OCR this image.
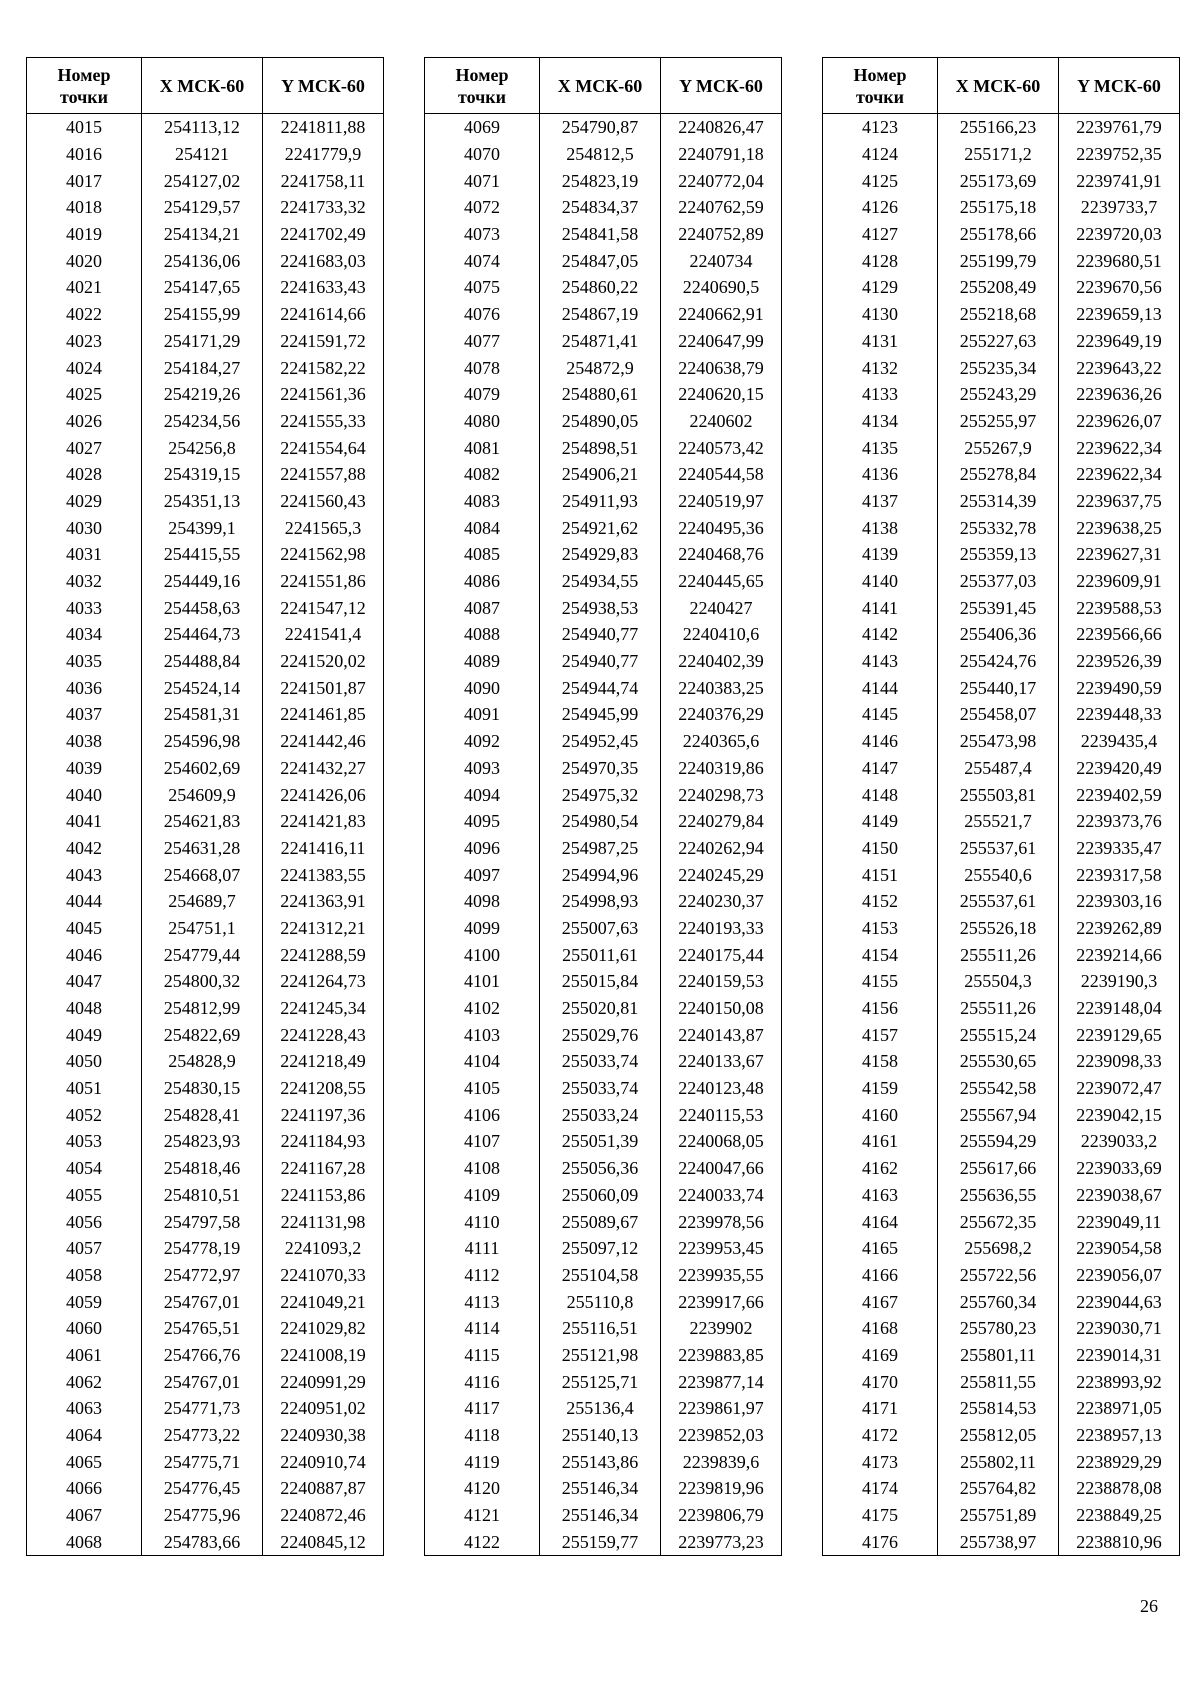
Номер
точки	X МСК-60	Y МСК-60
4015	254113,12	2241811,88
4016	254121	2241779,9
4017	254127,02	2241758,11
4018	254129,57	2241733,32
4019	254134,21	2241702,49
4020	254136,06	2241683,03
4021	254147,65	2241633,43
4022	254155,99	2241614,66
4023	254171,29	2241591,72
4024	254184,27	2241582,22
4025	254219,26	2241561,36
4026	254234,56	2241555,33
4027	254256,8	2241554,64
4028	254319,15	2241557,88
4029	254351,13	2241560,43
4030	254399,1	2241565,3
4031	254415,55	2241562,98
4032	254449,16	2241551,86
4033	254458,63	2241547,12
4034	254464,73	2241541,4
4035	254488,84	2241520,02
4036	254524,14	2241501,87
4037	254581,31	2241461,85
4038	254596,98	2241442,46
4039	254602,69	2241432,27
4040	254609,9	2241426,06
4041	254621,83	2241421,83
4042	254631,28	2241416,11
4043	254668,07	2241383,55
4044	254689,7	2241363,91
4045	254751,1	2241312,21
4046	254779,44	2241288,59
4047	254800,32	2241264,73
4048	254812,99	2241245,34
4049	254822,69	2241228,43
4050	254828,9	2241218,49
4051	254830,15	2241208,55
4052	254828,41	2241197,36
4053	254823,93	2241184,93
4054	254818,46	2241167,28
4055	254810,51	2241153,86
4056	254797,58	2241131,98
4057	254778,19	2241093,2
4058	254772,97	2241070,33
4059	254767,01	2241049,21
4060	254765,51	2241029,82
4061	254766,76	2241008,19
4062	254767,01	2240991,29
4063	254771,73	2240951,02
4064	254773,22	2240930,38
4065	254775,71	2240910,74
4066	254776,45	2240887,87
4067	254775,96	2240872,46
4068	254783,66	2240845,12
Номер
точки	X МСК-60	Y МСК-60
4069	254790,87	2240826,47
4070	254812,5	2240791,18
4071	254823,19	2240772,04
4072	254834,37	2240762,59
4073	254841,58	2240752,89
4074	254847,05	2240734
4075	254860,22	2240690,5
4076	254867,19	2240662,91
4077	254871,41	2240647,99
4078	254872,9	2240638,79
4079	254880,61	2240620,15
4080	254890,05	2240602
4081	254898,51	2240573,42
4082	254906,21	2240544,58
4083	254911,93	2240519,97
4084	254921,62	2240495,36
4085	254929,83	2240468,76
4086	254934,55	2240445,65
4087	254938,53	2240427
4088	254940,77	2240410,6
4089	254940,77	2240402,39
4090	254944,74	2240383,25
4091	254945,99	2240376,29
4092	254952,45	2240365,6
4093	254970,35	2240319,86
4094	254975,32	2240298,73
4095	254980,54	2240279,84
4096	254987,25	2240262,94
4097	254994,96	2240245,29
4098	254998,93	2240230,37
4099	255007,63	2240193,33
4100	255011,61	2240175,44
4101	255015,84	2240159,53
4102	255020,81	2240150,08
4103	255029,76	2240143,87
4104	255033,74	2240133,67
4105	255033,74	2240123,48
4106	255033,24	2240115,53
4107	255051,39	2240068,05
4108	255056,36	2240047,66
4109	255060,09	2240033,74
4110	255089,67	2239978,56
4111	255097,12	2239953,45
4112	255104,58	2239935,55
4113	255110,8	2239917,66
4114	255116,51	2239902
4115	255121,98	2239883,85
4116	255125,71	2239877,14
4117	255136,4	2239861,97
4118	255140,13	2239852,03
4119	255143,86	2239839,6
4120	255146,34	2239819,96
4121	255146,34	2239806,79
4122	255159,77	2239773,23
Номер
точки	X МСК-60	Y МСК-60
4123	255166,23	2239761,79
4124	255171,2	2239752,35
4125	255173,69	2239741,91
4126	255175,18	2239733,7
4127	255178,66	2239720,03
4128	255199,79	2239680,51
4129	255208,49	2239670,56
4130	255218,68	2239659,13
4131	255227,63	2239649,19
4132	255235,34	2239643,22
4133	255243,29	2239636,26
4134	255255,97	2239626,07
4135	255267,9	2239622,34
4136	255278,84	2239622,34
4137	255314,39	2239637,75
4138	255332,78	2239638,25
4139	255359,13	2239627,31
4140	255377,03	2239609,91
4141	255391,45	2239588,53
4142	255406,36	2239566,66
4143	255424,76	2239526,39
4144	255440,17	2239490,59
4145	255458,07	2239448,33
4146	255473,98	2239435,4
4147	255487,4	2239420,49
4148	255503,81	2239402,59
4149	255521,7	2239373,76
4150	255537,61	2239335,47
4151	255540,6	2239317,58
4152	255537,61	2239303,16
4153	255526,18	2239262,89
4154	255511,26	2239214,66
4155	255504,3	2239190,3
4156	255511,26	2239148,04
4157	255515,24	2239129,65
4158	255530,65	2239098,33
4159	255542,58	2239072,47
4160	255567,94	2239042,15
4161	255594,29	2239033,2
4162	255617,66	2239033,69
4163	255636,55	2239038,67
4164	255672,35	2239049,11
4165	255698,2	2239054,58
4166	255722,56	2239056,07
4167	255760,34	2239044,63
4168	255780,23	2239030,71
4169	255801,11	2239014,31
4170	255811,55	2238993,92
4171	255814,53	2238971,05
4172	255812,05	2238957,13
4173	255802,11	2238929,29
4174	255764,82	2238878,08
4175	255751,89	2238849,25
4176	255738,97	2238810,96
26
